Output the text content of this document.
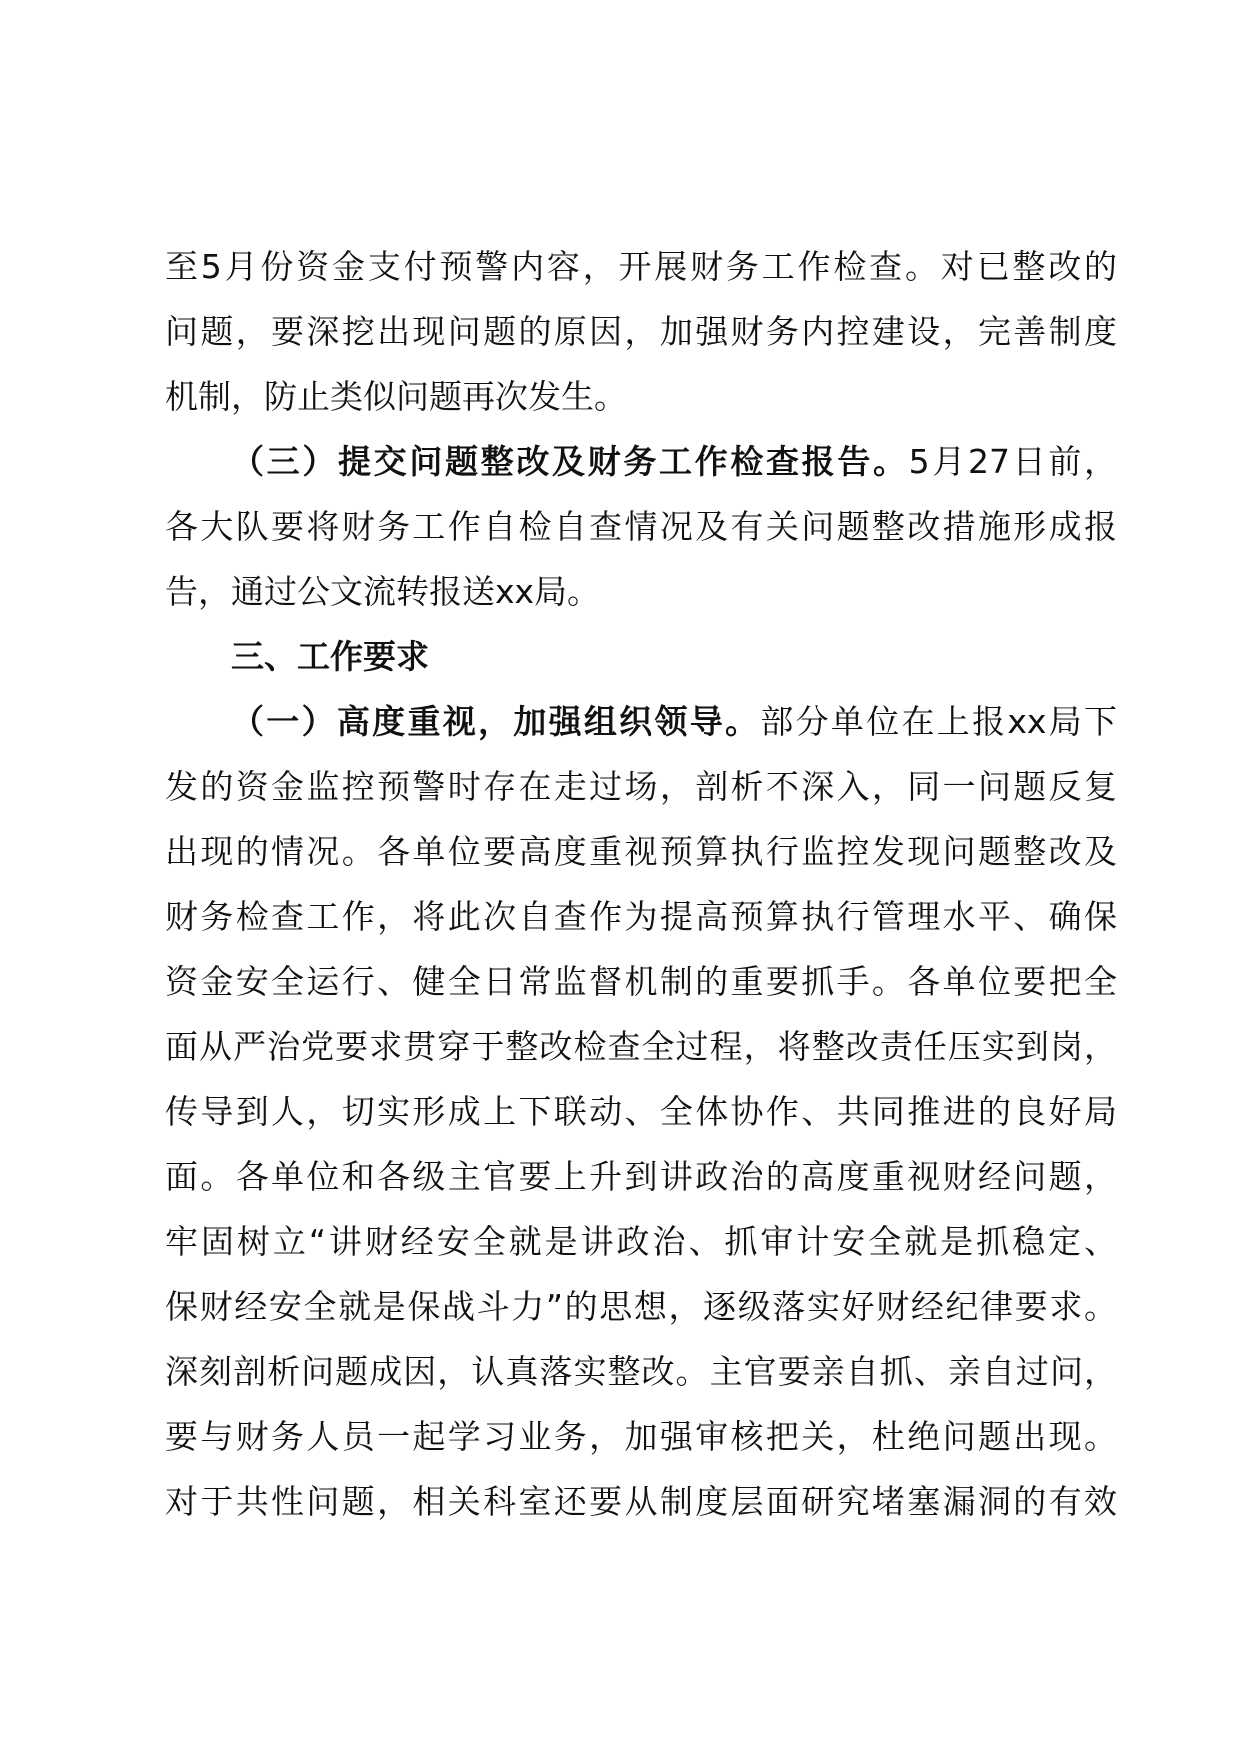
至5月份资金支付预警内容，开展财务工作检查。对已整改的
问题，要深挖出现问题的原因，加强财务内控建设，完善制度
机制，防止类似问题再次发生。
（三）提交问题整改及财务工作检查报告。5月27日前，
各大队要将财务工作自检自查情况及有关问题整改措施形成报
告，通过公文流转报送xx局。
三、工作要求
（一）高度重视，加强组织领导。部分单位在上报xx局下
发的资金监控预警时存在走过场，剖析不深入，同一问题反复
出现的情况。各单位要高度重视预算执行监控发现问题整改及
财务检查工作，将此次自查作为提高预算执行管理水平、确保
资金安全运行、健全日常监督机制的重要抓手。各单位要把全
面从严治党要求贯穿于整改检查全过程，将整改责任压实到岗，
传导到人，切实形成上下联动、全体协作、共同推进的良好局
面。各单位和各级主官要上升到讲政治的高度重视财经问题，
牢固树立“讲财经安全就是讲政治、抓审计安全就是抓稳定、
保财经安全就是保战斗力”的思想，逐级落实好财经纪律要求。
深刻剖析问题成因，认真落实整改。主官要亲自抓、亲自过问，
要与财务人员一起学习业务，加强审核把关，杜绝问题出现。
对于共性问题，相关科室还要从制度层面研究堵塞漏洞的有效
